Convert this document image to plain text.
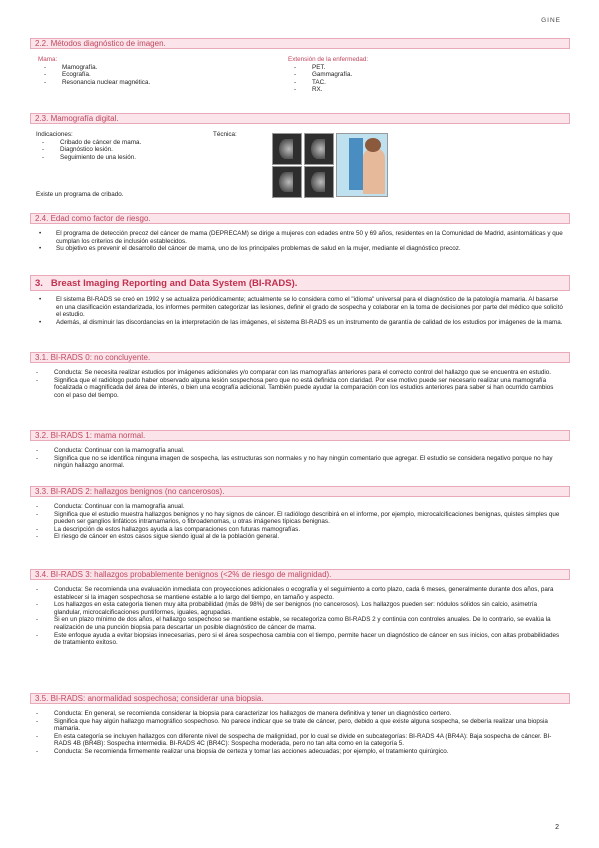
GINE
2.2. Métodos diagnóstico de imagen.
Mama:
- Mamografía.
- Ecografía.
- Resonancia nuclear magnética.
Extensión de la enfermedad:
- PET.
- Gammagrafía.
- TAC.
- RX.
2.3. Mamografía digital.
Indicaciones:
- Cribado de cáncer de mama.
- Diagnóstico lesión.
- Seguimiento de una lesión.
Técnica:
Existe un programa de cribado.
2.4. Edad como factor de riesgo.
• El programa de detección precoz del cáncer de mama (DEPRECAM) se dirige a mujeres con edades entre 50 y 69 años, residentes en la Comunidad de Madrid, asintomáticas y que cumplan los criterios de inclusión establecidos.
• Su objetivo es prevenir el desarrollo del cáncer de mama, uno de los principales problemas de salud en la mujer, mediante el diagnóstico precoz.
3. Breast Imaging Reporting and Data System (BI-RADS).
• El sistema BI-RADS se creó en 1992 y se actualiza periódicamente; actualmente se lo considera como el "idioma" universal para el diagnóstico de la patología mamaria. Al basarse en una clasificación estandarizada, los informes permiten categorizar las lesiones, definir el grado de sospecha y colaborar en la toma de decisiones por parte del médico que solicitó el estudio.
• Además, al disminuir las discordancias en la interpretación de las imágenes, el sistema BI-RADS es un instrumento de garantía de calidad de los estudios por imágenes de la mama.
3.1. BI-RADS 0: no concluyente.
- Conducta: Se necesita realizar estudios por imágenes adicionales y/o comparar con las mamografías anteriores para el correcto control del hallazgo que se encuentra en estudio.
- Significa que el radiólogo pudo haber observado alguna lesión sospechosa pero que no está definida con claridad. Por ese motivo puede ser necesario realizar una mamografía focalizada o magnificada del área de interés, o bien una ecografía adicional. También puede ayudar la comparación con los estudios anteriores para saber si han ocurrido cambios con el paso del tiempo.
3.2. BI-RADS 1: mama normal.
- Conducta: Continuar con la mamografía anual.
- Significa que no se identifica ninguna imagen de sospecha, las estructuras son normales y no hay ningún comentario que agregar. El estudio se considera negativo porque no hay ningún hallazgo anormal.
3.3. BI-RADS 2: hallazgos benignos (no cancerosos).
- Conducta: Continuar con la mamografía anual.
- Significa que el estudio muestra hallazgos benignos y no hay signos de cáncer. El radiólogo describirá en el informe, por ejemplo, microcalcificaciones benignas, quistes simples que pueden ser ganglios linfáticos intramamarios, o fibroadenomas, u otras imágenes típicas benignas.
- La descripción de estos hallazgos ayuda a las comparaciones con futuras mamografías.
- El riesgo de cáncer en estos casos sigue siendo igual al de la población general.
3.4. BI-RADS 3: hallazgos probablemente benignos (<2% de riesgo de malignidad).
- Conducta: Se recomienda una evaluación inmediata con proyecciones adicionales o ecografía y el seguimiento a corto plazo, cada 6 meses, generalmente durante dos años, para establecer si la imagen sospechosa se mantiene estable a lo largo del tiempo, en tamaño y aspecto.
- Los hallazgos en esta categoría tienen muy alta probabilidad (más de 98%) de ser benignos (no cancerosos). Los hallazgos pueden ser: nódulos sólidos sin calcio, asimetría glandular, microcalcificaciones puntiformes, iguales, agrupadas.
- Si en un plazo mínimo de dos años, el hallazgo sospechoso se mantiene estable, se recategoriza como BI-RADS 2 y continúa con controles anuales. De lo contrario, se evalúa la realización de una punción biopsia para descartar un posible diagnóstico de cáncer de mama.
- Este enfoque ayuda a evitar biopsias innecesarias, pero si el área sospechosa cambia con el tiempo, permite hacer un diagnóstico de cáncer en sus inicios, con altas probabilidades de tratamiento exitoso.
3.5. BI-RADS: anormalidad sospechosa; considerar una biopsia.
- Conducta: En general, se recomienda considerar la biopsia para caracterizar los hallazgos de manera definitiva y tener un diagnóstico certero.
- Significa que hay algún hallazgo mamográfico sospechoso. No parece indicar que se trate de cáncer, pero, debido a que existe alguna sospecha, se debería realizar una biopsia mamaria.
- En esta categoría se incluyen hallazgos con diferente nivel de sospecha de malignidad, por lo cual se divide en subcategorías: BI-RADS 4A (BR4A): Baja sospecha de cáncer. BI-RADS 4B (BR4B): Sospecha intermedia. BI-RADS 4C (BR4C): Sospecha moderada, pero no tan alta como en la categoría 5.
- Conducta: Se recomienda firmemente realizar una biopsia de certeza y tomar las acciones adecuadas; por ejemplo, el tratamiento quirúrgico.
2
